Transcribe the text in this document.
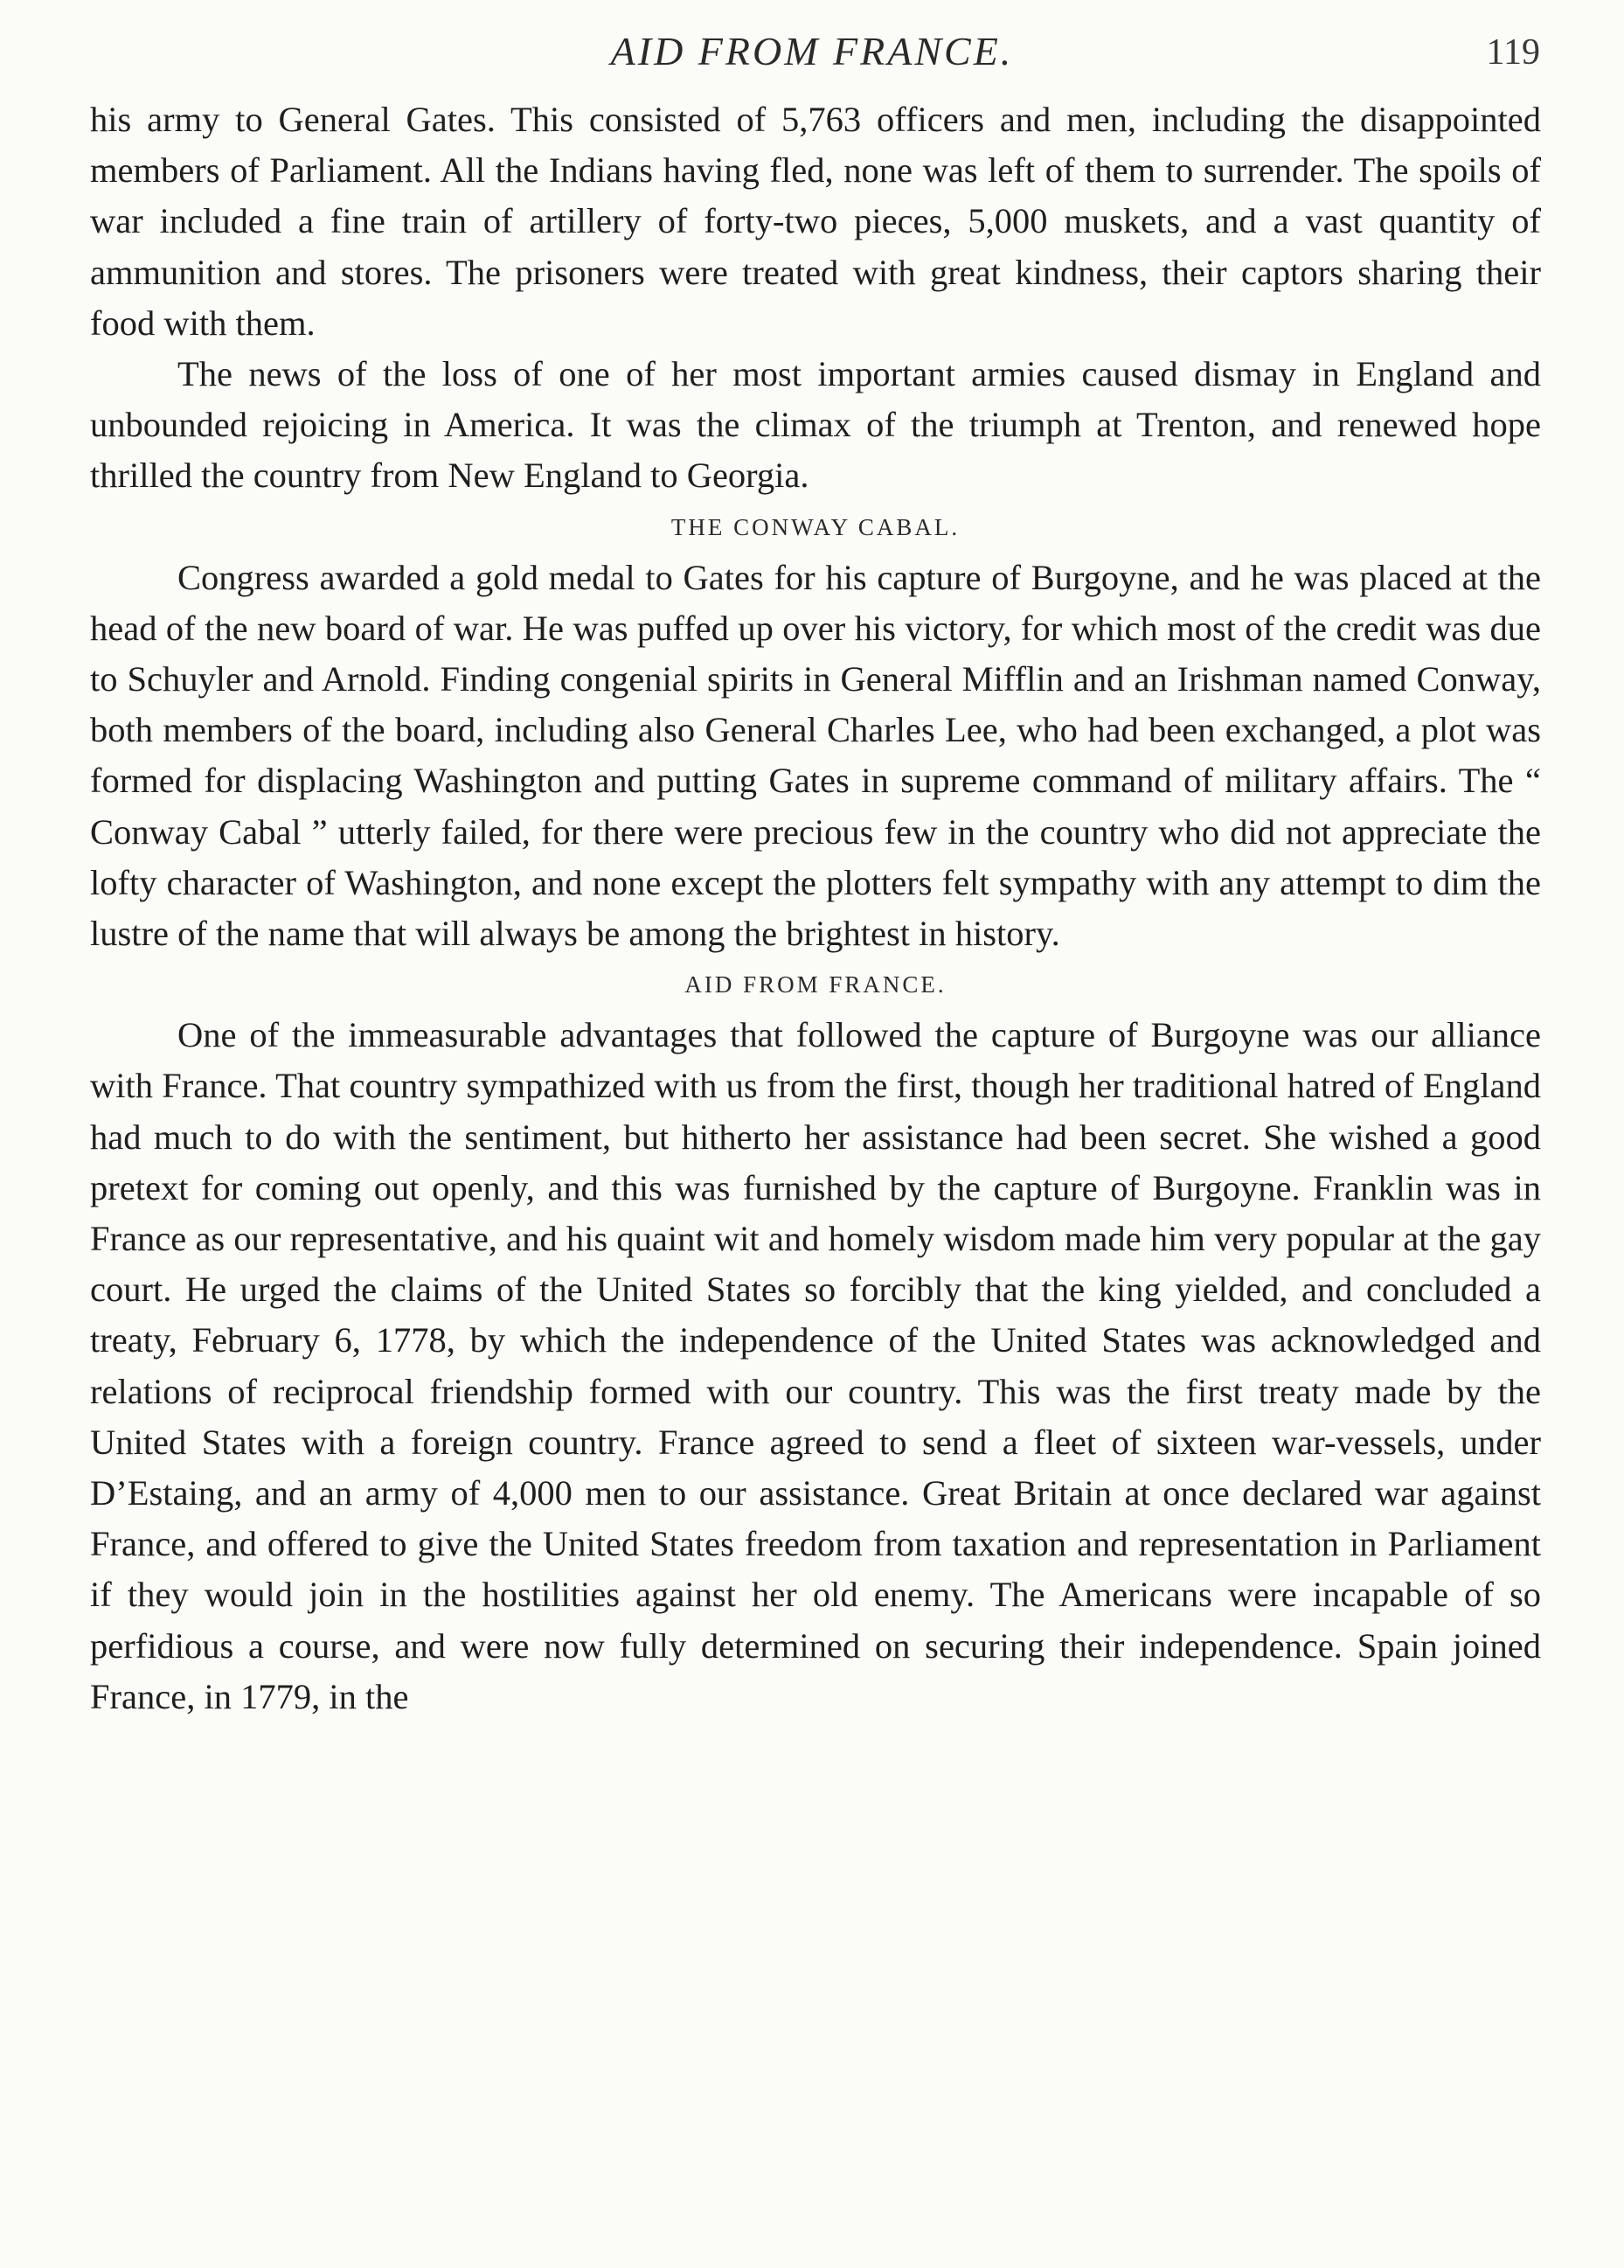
AID FROM FRANCE.	119

his army to General Gates. This consisted of 5,763 officers and men, including the disappointed members of Parliament. All the Indians having fled, none was left of them to surrender. The spoils of war included a fine train of artillery of forty-two pieces, 5,000 muskets, and a vast quantity of ammunition and stores. The prisoners were treated with great kindness, their captors sharing their food with them.

The news of the loss of one of her most important armies caused dismay in England and unbounded rejoicing in America. It was the climax of the triumph at Trenton, and renewed hope thrilled the country from New England to Georgia.

THE CONWAY CABAL.

Congress awarded a gold medal to Gates for his capture of Burgoyne, and he was placed at the head of the new board of war. He was puffed up over his victory, for which most of the credit was due to Schuyler and Arnold. Finding congenial spirits in General Mifflin and an Irishman named Conway, both members of the board, including also General Charles Lee, who had been exchanged, a plot was formed for displacing Washington and putting Gates in supreme command of military affairs. The “ Conway Cabal ” utterly failed, for there were precious few in the country who did not appreciate the lofty character of Washington, and none except the plotters felt sympathy with any attempt to dim the lustre of the name that will always be among the brightest in history.

AID FROM FRANCE.

One of the immeasurable advantages that followed the capture of Burgoyne was our alliance with France. That country sympathized with us from the first, though her traditional hatred of England had much to do with the sentiment, but hitherto her assistance had been secret. She wished a good pretext for coming out openly, and this was furnished by the capture of Burgoyne. Franklin was in France as our representative, and his quaint wit and homely wisdom made him very popular at the gay court. He urged the claims of the United States so forcibly that the king yielded, and concluded a treaty, February 6, 1778, by which the independence of the United States was acknowledged and relations of reciprocal friendship formed with our country. This was the first treaty made by the United States with a foreign country. France agreed to send a fleet of sixteen war-vessels, under D’Estaing, and an army of 4,000 men to our assistance. Great Britain at once declared war against France, and offered to give the United States freedom from taxation and representation in Parliament if they would join in the hostilities against her old enemy. The Americans were incapable of so perfidious a course, and were now fully determined on securing their independence. Spain joined France, in 1779, in the
